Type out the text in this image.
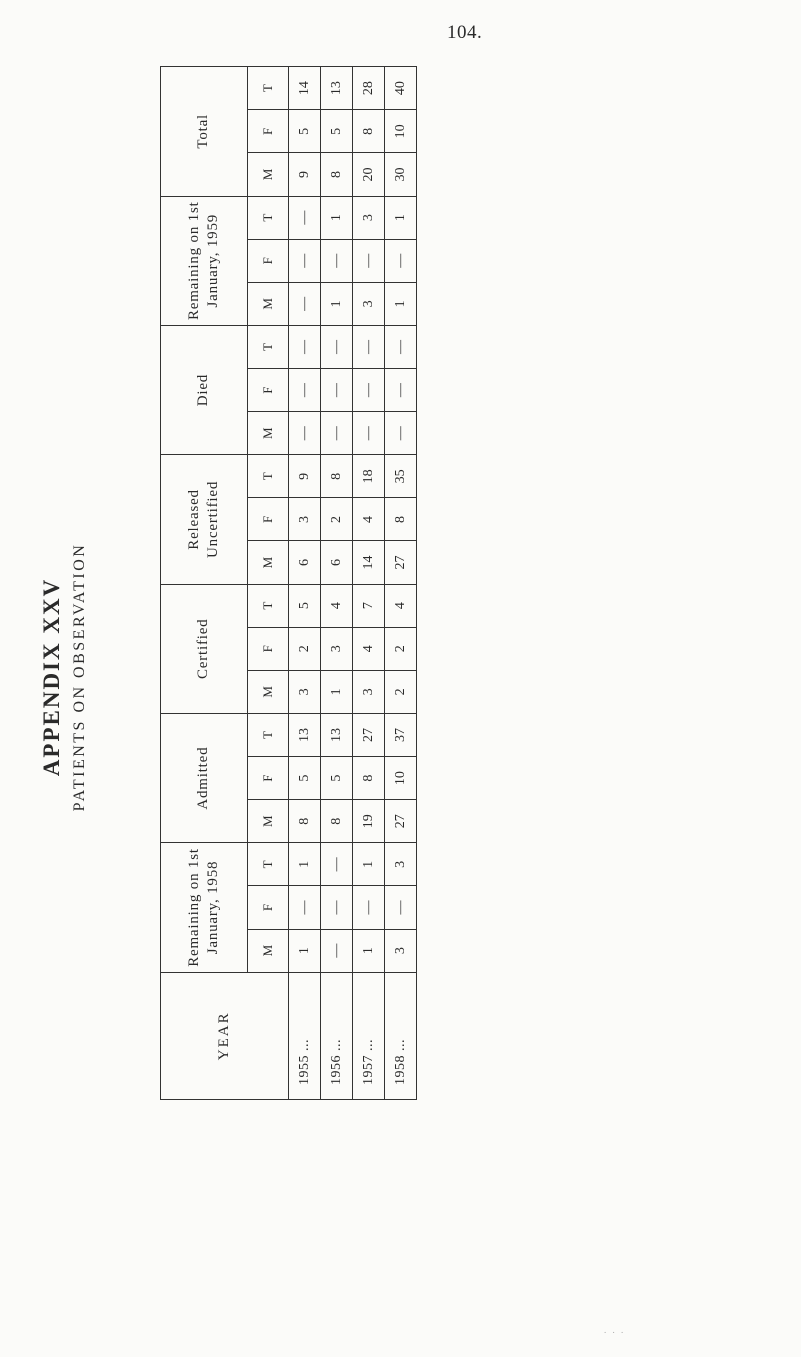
104.
APPENDIX XXV PATIENTS ON OBSERVATION
YEAR	Remaining on 1st January, 1958			Admitted			Certified			Released Uncertified			Died			Remaining on 1st January, 1959			Total		
	M	F	T	M	F	T	M	F	T	M	F	T	M	F	T	M	F	T	M	F	T
1955 ...	1	—	1	8	5	13	3	2	5	6	3	9	—	—	—	—	—	—	9	5	14
1956 ...	—	—	—	8	5	13	1	3	4	6	2	8	—	—	—	1	—	1	8	5	13
1957 ...	1	—	1	19	8	27	3	4	7	14	4	18	—	—	—	3	—	3	20	8	28
1958 ...	3	—	3	27	10	37	2	2	4	27	8	35	—	—	—	1	—	1	30	10	40
. . .
